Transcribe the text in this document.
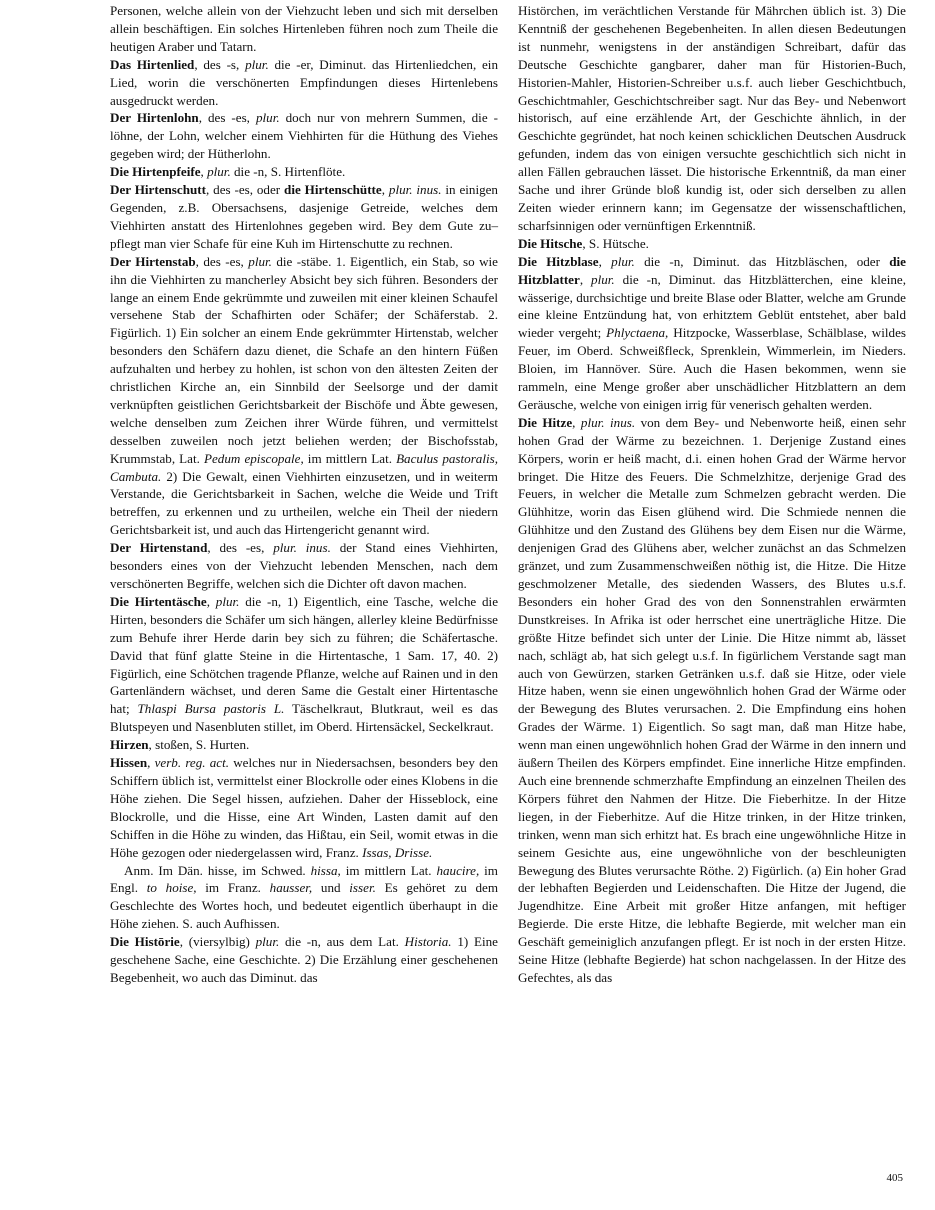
Personen, welche allein von der Viehzucht leben und sich mit derselben allein beschäftigen. Ein solches Hirtenleben führen noch zum Theile die heutigen Araber und Tatarn.

Das Hirtenlied, des -s, plur. die -er, Diminut. das Hirtenliedchen, ein Lied, worin die verschönerten Empfindungen dieses Hirtenlebens ausgedruckt werden.

Der Hirtenlohn, des -es, plur. doch nur von mehrern Summen, die -löhne, der Lohn, welcher einem Viehhirten für die Hüthung des Viehes gegeben wird; der Hütherlohn.

Die Hirtenpfeife, plur. die -n, S. Hirtenflöte.

Der Hirtenschutt, des -es, oder die Hirtenschütte, plur. inus. in einigen Gegenden, z.B. Obersachsens, dasjenige Getreide, welches dem Viehhirten anstatt des Hirtenlohnes gegeben wird. Bey dem Gute zu– pflegt man vier Schafe für eine Kuh im Hirtenschutte zu rechnen.

Der Hirtenstab, des -es, plur. die -stäbe. 1. Eigentlich, ein Stab, so wie ihn die Viehhirten zu mancherley Absicht bey sich führen. Besonders der lange an einem Ende gekrümmte und zuweilen mit einer kleinen Schaufel versehene Stab der Schafhirten oder Schäfer; der Schäferstab. 2. Figürlich. 1) Ein solcher an einem Ende gekrümmter Hirtenstab, welcher besonders den Schäfern dazu dienet, die Schafe an den hintern Füßen aufzuhalten und herbey zu hohlen, ist schon von den ältesten Zeiten der christlichen Kirche an, ein Sinnbild der Seelsorge und der damit verknüpften geistlichen Gerichtsbarkeit der Bischöfe und Äbte gewesen, welche denselben zum Zeichen ihrer Würde führen, und vermittelst desselben zuweilen noch jetzt beliehen werden; der Bischofsstab, Krummstab, Lat. Pedum episcopale, im mittlern Lat. Baculus pastoralis, Cambuta. 2) Die Gewalt, einen Viehhirten einzusetzen, und in weiterm Verstande, die Gerichtsbarkeit in Sachen, welche die Weide und Trift betreffen, zu erkennen und zu urtheilen, welche ein Theil der niedern Gerichtsbarkeit ist, und auch das Hirtengericht genannt wird.

Der Hirtenstand, des -es, plur. inus. der Stand eines Viehhirten, besonders eines von der Viehzucht lebenden Menschen, nach dem verschönerten Begriffe, welchen sich die Dichter oft davon machen.

Die Hirtentäsche, plur. die -n, 1) Eigentlich, eine Tasche, welche die Hirten, besonders die Schäfer um sich hängen, allerley kleine Bedürfnisse zum Behufe ihrer Herde darin bey sich zu führen; die Schäfertasche. David that fünf glatte Steine in die Hirtentasche, 1 Sam. 17, 40. 2) Figürlich, eine Schötchen tragende Pflanze, welche auf Rainen und in den Gartenländern wächset, und deren Same die Gestalt einer Hirtentasche hat; Thlaspi Bursa pastoris L. Täschelkraut, Blutkraut, weil es das Blutspeyen und Nasenbluten stillet, im Oberd. Hirtensäckel, Seckelkraut.

Hirzen, stoßen, S. Hurten.

Hissen, verb. reg. act. welches nur in Niedersachsen, besonders bey den Schiffern üblich ist, vermittelst einer Blockrolle oder eines Klobens in die Höhe ziehen. Die Segel hissen, aufziehen. Daher der Hisseblock, eine Blockrolle, und die Hisse, eine Art Winden, Lasten damit auf den Schiffen in die Höhe zu winden, das Hißtau, ein Seil, womit etwas in die Höhe gezogen oder niedergelassen wird, Franz. Issas, Drisse.

Anm. Im Dän. hisse, im Schwed. hissa, im mittlern Lat. haucire, im Engl. to hoise, im Franz. hausser, und isser. Es gehöret zu dem Geschlechte des Wortes hoch, und bedeutet eigentlich überhaupt in die Höhe ziehen. S. auch Aufhissen.

Die Histōrie, (viersylbig) plur. die -n, aus dem Lat. Historia. 1) Eine geschehene Sache, eine Geschichte. 2) Die Erzählung einer geschehenen Begebenheit, wo auch das Diminut. das

Histörchen, im verächtlichen Verstande für Mährchen üblich ist. 3) Die Kenntniß der geschehenen Begebenheiten. In allen diesen Bedeutungen ist nunmehr, wenigstens in der anständigen Schreibart, dafür das Deutsche Geschichte gangbarer, daher man für Historien-Buch, Historien-Mahler, Historien-Schreiber u.s.f. auch lieber Geschichtbuch, Geschichtmahler, Geschichtschreiber sagt. Nur das Bey- und Nebenwort historisch, auf eine erzählende Art, der Geschichte ähnlich, in der Geschichte gegründet, hat noch keinen schicklichen Deutschen Ausdruck gefunden, indem das von einigen versuchte geschichtlich sich nicht in allen Fällen gebrauchen lässet. Die historische Erkenntniß, da man einer Sache und ihrer Gründe bloß kundig ist, oder sich derselben zu allen Zeiten wieder erinnern kann; im Gegensatze der wissenschaftlichen, scharfsinnigen oder vernünftigen Erkenntniß.

Die Hitsche, S. Hütsche.

Die Hitzblase, plur. die -n, Diminut. das Hitzbläschen, oder die Hitzblatter, plur. die -n, Diminut. das Hitzblätterchen, eine kleine, wässerige, durchsichtige und breite Blase oder Blatter, welche am Grunde eine kleine Entzündung hat, von erhitztem Geblüt entstehet, aber bald wieder vergeht; Phlyctaena, Hitzpocke, Wasserblase, Schälblase, wildes Feuer, im Oberd. Schweißfleck, Sprenklein, Wimmerlein, im Nieders. Bloien, im Hannöver. Süre. Auch die Hasen bekommen, wenn sie rammeln, eine Menge großer aber unschädlicher Hitzblattern an dem Geräusche, welche von einigen irrig für venerisch gehalten werden.

Die Hitze, plur. inus. von dem Bey- und Nebenworte heiß, einen sehr hohen Grad der Wärme zu bezeichnen. 1. Derjenige Zustand eines Körpers, worin er heiß macht, d.i. einen hohen Grad der Wärme hervor bringet. Die Hitze des Feuers. Die Schmelzhitze, derjenige Grad des Feuers, in welcher die Metalle zum Schmelzen gebracht werden. Die Glühhitze, worin das Eisen glühend wird. Die Schmiede nennen die Glühhitze und den Zustand des Glühens bey dem Eisen nur die Wärme, denjenigen Grad des Glühens aber, welcher zunächst an das Schmelzen gränzet, und zum Zusammenschweißen nöthig ist, die Hitze. Die Hitze geschmolzener Metalle, des siedenden Wassers, des Blutes u.s.f. Besonders ein hoher Grad des von den Sonnenstrahlen erwärmten Dunstkreises. In Afrika ist oder herrschet eine unerträgliche Hitze. Die größte Hitze befindet sich unter der Linie. Die Hitze nimmt ab, lässet nach, schlägt ab, hat sich gelegt u.s.f. In figürlichem Verstande sagt man auch von Gewürzen, starken Getränken u.s.f. daß sie Hitze, oder viele Hitze haben, wenn sie einen ungewöhnlich hohen Grad der Wärme oder der Bewegung des Blutes verursachen. 2. Die Empfindung eins hohen Grades der Wärme. 1) Eigentlich. So sagt man, daß man Hitze habe, wenn man einen ungewöhnlich hohen Grad der Wärme in den innern und äußern Theilen des Körpers empfindet. Eine innerliche Hitze empfinden. Auch eine brennende schmerzhafte Empfindung an einzelnen Theilen des Körpers führet den Nahmen der Hitze. Die Fieberhitze. In der Hitze liegen, in der Fieberhitze. Auf die Hitze trinken, in der Hitze trinken, trinken, wenn man sich erhitzt hat. Es brach eine ungewöhnliche Hitze in seinem Gesichte aus, eine ungewöhnliche von der beschleunigten Bewegung des Blutes verursachte Röthe. 2) Figürlich. (a) Ein hoher Grad der lebhaften Begierden und Leidenschaften. Die Hitze der Jugend, die Jugendhitze. Eine Arbeit mit großer Hitze anfangen, mit heftiger Begierde. Die erste Hitze, die lebhafte Begierde, mit welcher man ein Geschäft gemeiniglich anzufangen pflegt. Er ist noch in der ersten Hitze. Seine Hitze (lebhafte Begierde) hat schon nachgelassen. In der Hitze des Gefechtes, als das

405
